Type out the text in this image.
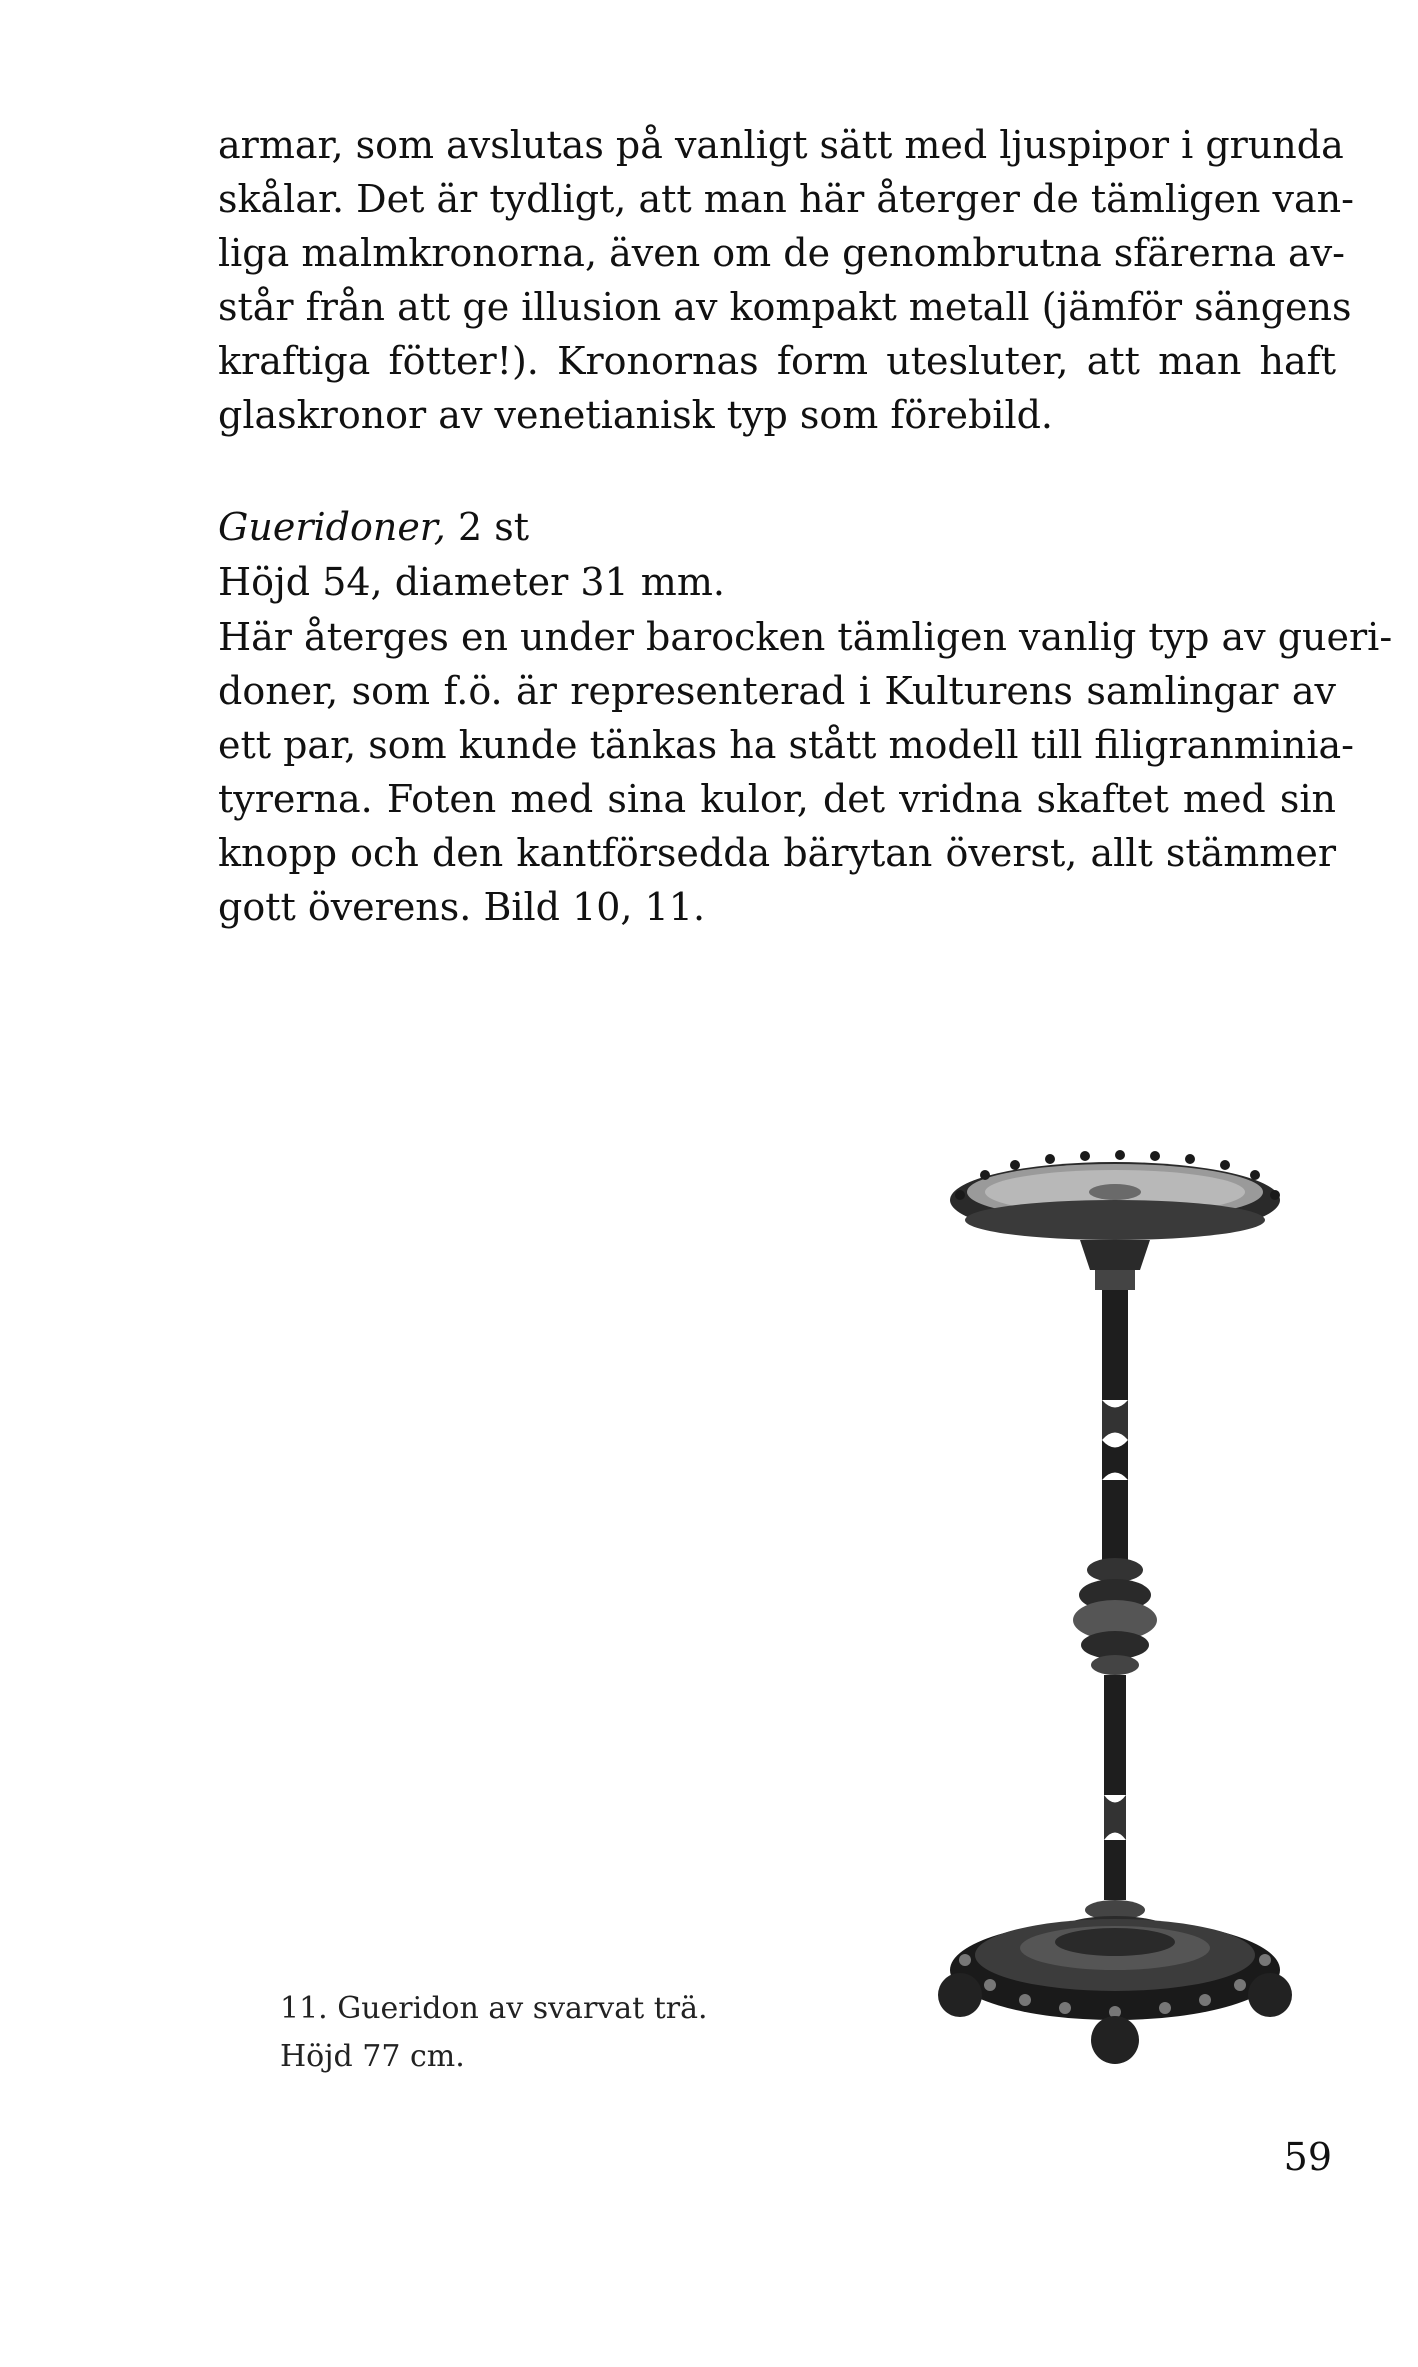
armar, som avslutas på vanligt sätt med ljuspipor i grunda
skålar. Det är tydligt, att man här återger de tämligen van-
liga malmkronorna, även om de genombrutna sfärerna av-
står från att ge illusion av kompakt metall (jämför sängens
kraftiga fötter!). Kronornas form utesluter, att man haft
glaskronor av venetianisk typ som förebild.
Gueridoner, 2 st
Höjd 54, diameter 31 mm.
Här återges en under barocken tämligen vanlig typ av gueri-
doner, som f.ö. är representerad i Kulturens samlingar av
ett par, som kunde tänkas ha stått modell till filigranminia-
tyrerna. Foten med sina kulor, det vridna skaftet med sin
knopp och den kantförsedda bärytan överst, allt stämmer
gott överens. Bild 10, 11.
11. Gueridon av svarvat trä.
Höjd 77 cm.
59
